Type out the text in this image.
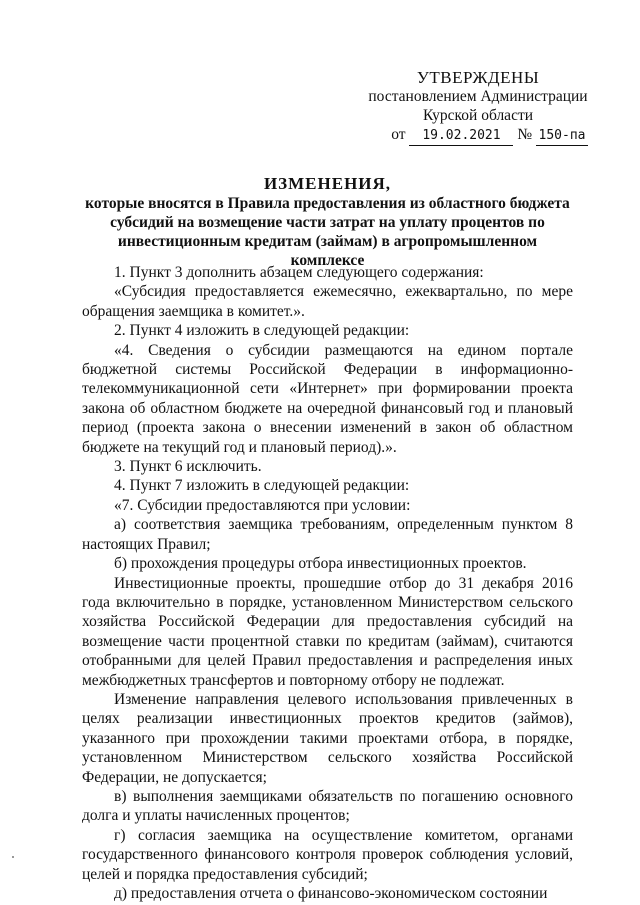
УТВЕРЖДЕНЫ
постановлением Администрации
Курской области
от 19.02.2021 № 150-па
ИЗМЕНЕНИЯ,
которые вносятся в Правила предоставления из областного бюджета субсидий на возмещение части затрат на уплату процентов по инвестиционным кредитам (займам) в агропромышленном комплексе

1. Пункт 3 дополнить абзацем следующего содержания:

«Субсидия предоставляется ежемесячно, ежеквартально, по мере обращения заемщика в комитет.».

2. Пункт 4 изложить в следующей редакции:

«4. Сведения о субсидии размещаются на едином портале бюджетной системы Российской Федерации в информационно-телекоммуникационной сети «Интернет» при формировании проекта закона об областном бюджете на очередной финансовый год и плановый период (проекта закона о внесении изменений в закон об областном бюджете на текущий год и плановый период).».

3. Пункт 6 исключить.

4. Пункт 7 изложить в следующей редакции:

«7. Субсидии предоставляются при условии:

а) соответствия заемщика требованиям, определенным пунктом 8 настоящих Правил;

б) прохождения процедуры отбора инвестиционных проектов.

Инвестиционные проекты, прошедшие отбор до 31 декабря 2016 года включительно в порядке, установленном Министерством сельского хозяйства Российской Федерации для предоставления субсидий на возмещение части процентной ставки по кредитам (займам), считаются отобранными для целей Правил предоставления и распределения иных межбюджетных трансфертов и повторному отбору не подлежат.

Изменение направления целевого использования привлеченных в целях реализации инвестиционных проектов кредитов (займов), указанного при прохождении такими проектами отбора, в порядке, установленном Министерством сельского хозяйства Российской Федерации, не допускается;

в) выполнения заемщиками обязательств по погашению основного долга и уплаты начисленных процентов;

г) согласия заемщика на осуществление комитетом, органами государственного финансового контроля проверок соблюдения условий, целей и порядка предоставления субсидий;

д) предоставления отчета о финансово-экономическом состоянии
